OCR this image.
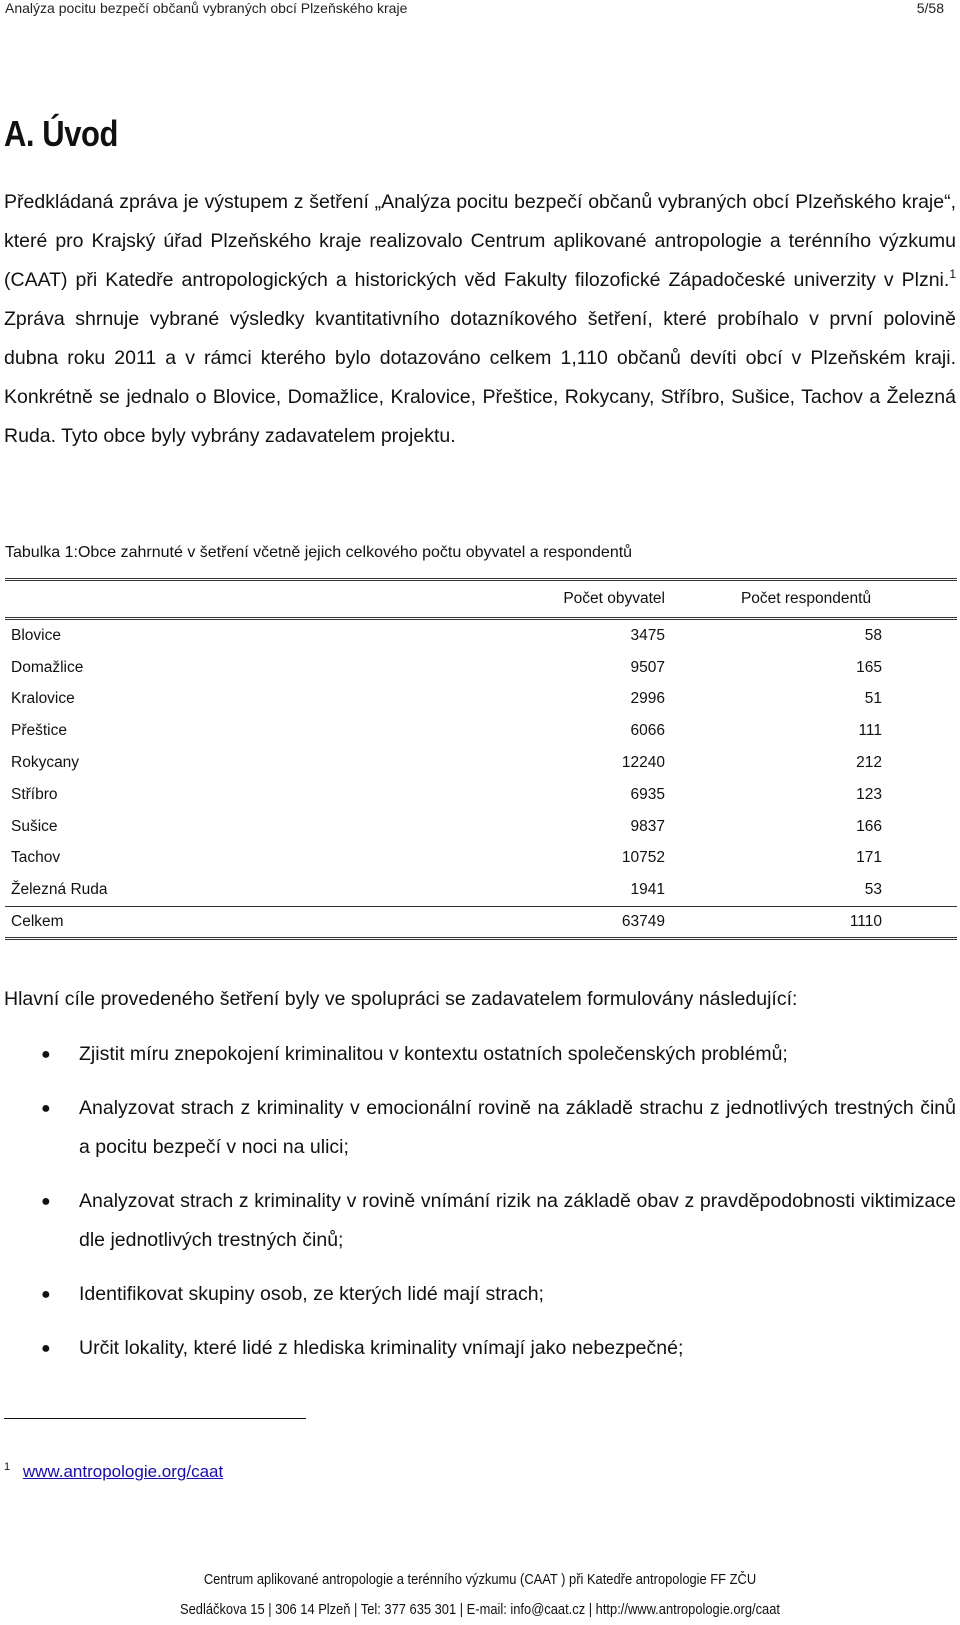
Analýza pocitu bezpečí občanů vybraných obcí Plzeňského kraje	5/58
A. Úvod

Předkládaná zpráva je výstupem z šetření „Analýza pocitu bezpečí občanů vybraných obcí Plzeňského kraje“, které pro Krajský úřad Plzeňského kraje realizovalo Centrum aplikované antropologie a terénního výzkumu (CAAT) při Katedře antropologických a historických věd Fakulty filozofické Západočeské univerzity v Plzni.$^1$ Zpráva shrnuje vybrané výsledky kvantitativního dotazníkového šetření, které probíhalo v první polovině dubna roku 2011 a v rámci kterého bylo dotazováno celkem 1,110 občanů devíti obcí v Plzeňském kraji. Konkrétně se jednalo o Blovice, Domažlice, Kralovice, Přeštice, Rokycany, Stříbro, Sušice, Tachov a Železná Ruda. Tyto obce byly vybrány zadavatelem projektu.

Tabulka 1:Obce zahrnuté v šetření včetně jejich celkového počtu obyvatel a respondentů
	Počet obyvatel	Počet respondentů
Blovice	3475	58
Domažlice	9507	165
Kralovice	2996	51
Přeštice	6066	111
Rokycany	12240	212
Stříbro	6935	123
Sušice	9837	166
Tachov	10752	171
Železná Ruda	1941	53
Celkem	63749	1110

Hlavní cíle provedeného šetření byly ve spolupráci se zadavatelem formulovány následující:

● Zjistit míru znepokojení kriminalitou v kontextu ostatních společenských problémů;
● Analyzovat strach z kriminality v emocionální rovině na základě strachu z jednotlivých trestných činů a pocitu bezpečí v noci na ulici;
● Analyzovat strach z kriminality v rovině vnímání rizik na základě obav z pravděpodobnosti viktimizace dle jednotlivých trestných činů;
● Identifikovat skupiny osob, ze kterých lidé mají strach;
● Určit lokality, které lidé z hlediska kriminality vnímají jako nebezpečné;
$^1$ www.antropologie.org/caat
Centrum aplikované antropologie a terénního výzkumu (CAAT ) při Katedře antropologie FF ZČU
Sedláčkova 15 | 306 14 Plzeň | Tel: 377 635 301 | E-mail: info@caat.cz | http://www.antropologie.org/caat
